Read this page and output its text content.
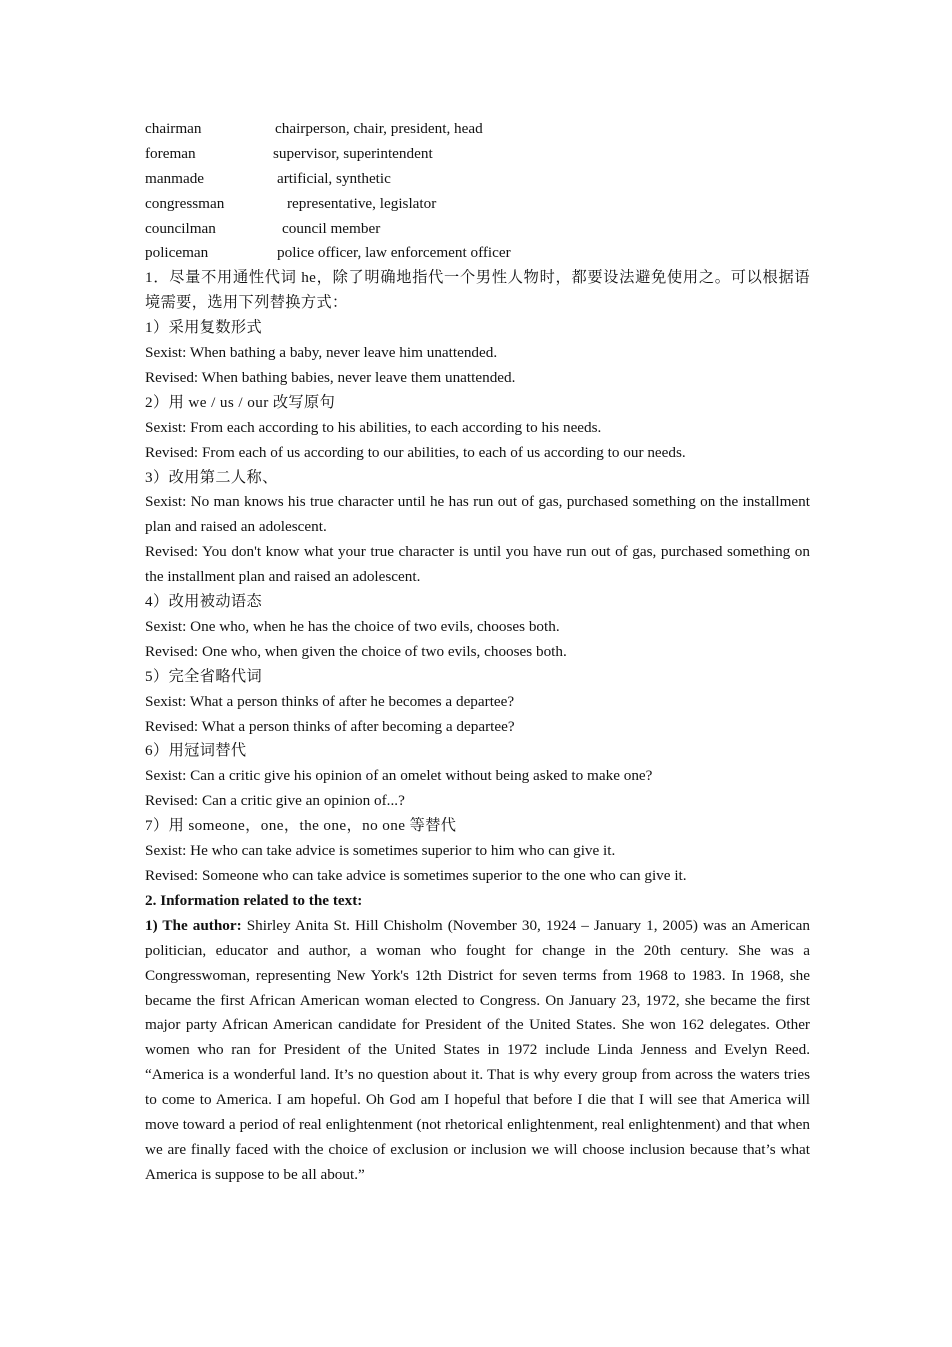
chairman	chairperson, chair, president, head
foreman	supervisor, superintendent
manmade	artificial, synthetic
congressman	representative, legislator
councilman	council member
policeman	police officer, law enforcement officer
1．尽量不用通性代词 he，除了明确地指代一个男性人物时，都要设法避免使用之。可以根据语境需要，选用下列替换方式：
1）采用复数形式
Sexist: When bathing a baby, never leave him unattended.
Revised: When bathing babies, never leave them unattended.
2）用 we / us / our 改写原句
Sexist: From each according to his abilities, to each according to his needs.
Revised: From each of us according to our abilities, to each of us according to our needs.
3）改用第二人称、
Sexist: No man knows his true character until he has run out of gas, purchased something on the installment plan and raised an adolescent.
Revised: You don't know what your true character is until you have run out of gas, purchased something on the installment plan and raised an adolescent.
4）改用被动语态
Sexist: One who, when he has the choice of two evils, chooses both.
Revised: One who, when given the choice of two evils, chooses both.
5）完全省略代词
Sexist: What a person thinks of after he becomes a departee?
Revised: What a person thinks of after becoming a departee?
6）用冠词替代
Sexist: Can a critic give his opinion of an omelet without being asked to make one?
Revised: Can a critic give an opinion of...?
7）用 someone，one，the one，no one 等替代
Sexist: He who can take advice is sometimes superior to him who can give it.
Revised: Someone who can take advice is sometimes superior to the one who can give it.
2. Information related to the text:
1) The author: Shirley Anita St. Hill Chisholm (November 30, 1924 – January 1, 2005) was an American politician, educator and author, a woman who fought for change in the 20th century. She was a Congresswoman, representing New York's 12th District for seven terms from 1968 to 1983. In 1968, she became the first African American woman elected to Congress. On January 23, 1972, she became the first major party African American candidate for President of the United States. She won 162 delegates. Other women who ran for President of the United States in 1972 include Linda Jenness and Evelyn Reed. “America is a wonderful land. It’s no question about it. That is why every group from across the waters tries to come to America. I am hopeful. Oh God am I hopeful that before I die that I will see that America will move toward a period of real enlightenment (not rhetorical enlightenment, real enlightenment) and that when we are finally faced with the choice of exclusion or inclusion we will choose inclusion because that’s what America is suppose to be all about.”
